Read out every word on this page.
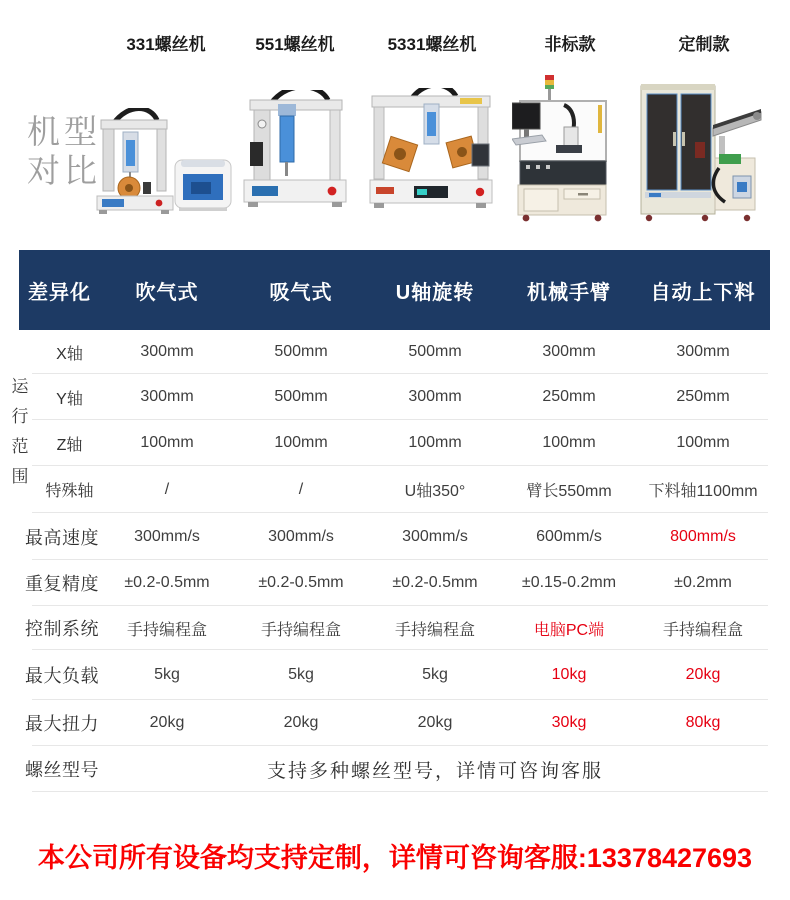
331螺丝机	551螺丝机	5331螺丝机	非标款	定制款
机型
对比
差异化	吹气式	吸气式	U轴旋转	机械手臂	自动上下料
运
行
范
围
X轴	300mm	500mm	500mm	300mm	300mm
Y轴	300mm	500mm	300mm	250mm	250mm
Z轴	100mm	100mm	100mm	100mm	100mm
特殊轴	/	/	U轴350°	臂长550mm	下料轴1100mm
最高速度	300mm/s	300mm/s	300mm/s	600mm/s	800mm/s
重复精度	±0.2-0.5mm	±0.2-0.5mm	±0.2-0.5mm	±0.15-0.2mm	±0.2mm
控制系统	手持编程盒	手持编程盒	手持编程盒	电脑PC端	手持编程盒
最大负载	5kg	5kg	5kg	10kg	20kg
最大扭力	20kg	20kg	20kg	30kg	80kg
螺丝型号	支持多种螺丝型号，详情可咨询客服
本公司所有设备均支持定制，详情可咨询客服:13378427693
